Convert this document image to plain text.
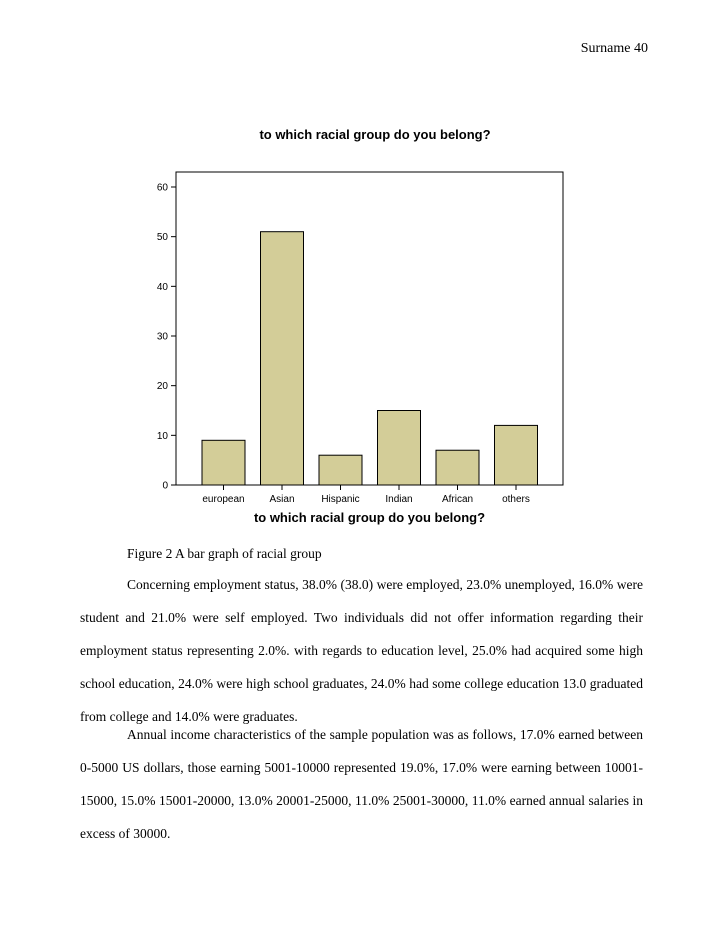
Surname 40
to which racial group do you belong?
to which racial group do you belong?
0
10
20
30
40
50
60
european Asian	Hispanic	Indian	African	others
Figure 2 A bar graph of racial group
Concerning employment status, 38.0% (38.0) were employed, 23.0% unemployed, 16.0% were student and 21.0% were self employed. Two individuals did not offer information regarding their employment status representing 2.0%. with regards to education level, 25.0% had acquired some high school education, 24.0% were high school graduates, 24.0% had some college education 13.0 graduated from college and 14.0% were graduates.
Annual income characteristics of the sample population was as follows, 17.0% earned between 0-5000 US dollars, those earning 5001-10000 represented 19.0%, 17.0% were earning between 10001-15000, 15.0% 15001-20000, 13.0% 20001-25000, 11.0% 25001-30000, 11.0% earned annual salaries in excess of 30000.
